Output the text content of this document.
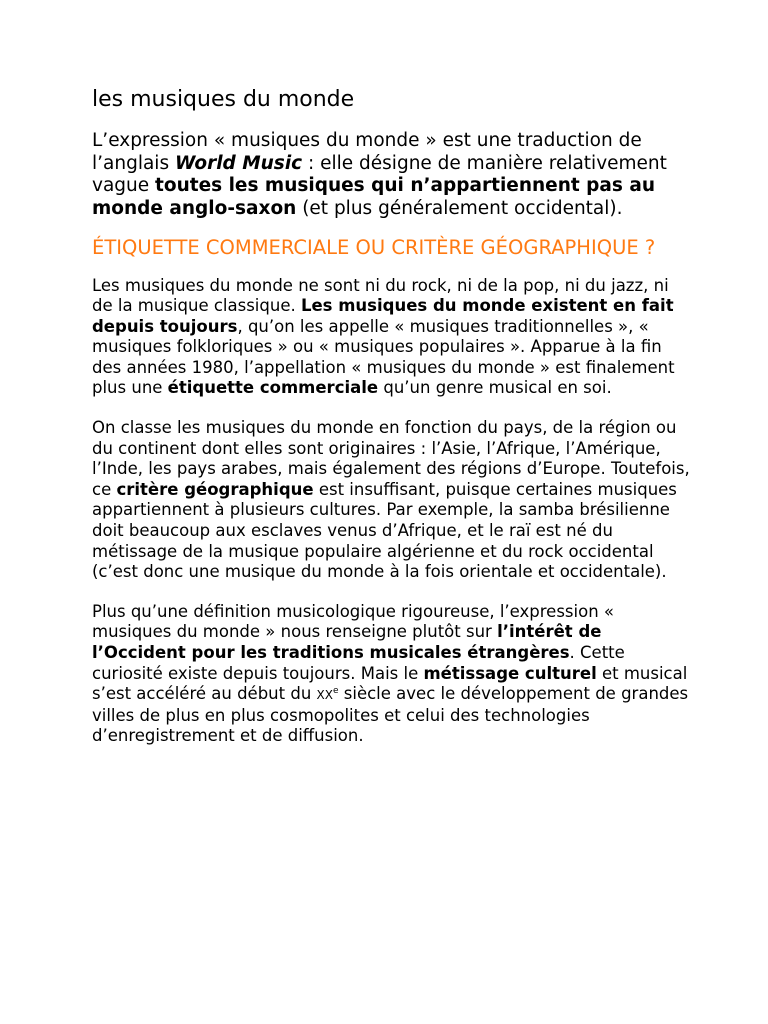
les musiques du monde

L’expression « musiques du monde » est une traduction de l’anglais World Music : elle désigne de manière relativement vague toutes les musiques qui n’appartiennent pas au monde anglo-saxon (et plus généralement occidental).

ÉTIQUETTE COMMERCIALE OU CRITÈRE GÉOGRAPHIQUE ?

Les musiques du monde ne sont ni du rock, ni de la pop, ni du jazz, ni de la musique classique. Les musiques du monde existent en fait depuis toujours, qu’on les appelle « musiques traditionnelles », « musiques folkloriques » ou « musiques populaires ». Apparue à la fin des années 1980, l’appellation « musiques du monde » est finalement plus une étiquette commerciale qu’un genre musical en soi.

On classe les musiques du monde en fonction du pays, de la région ou du continent dont elles sont originaires : l’Asie, l’Afrique, l’Amérique, l’Inde, les pays arabes, mais également des régions d’Europe. Toutefois, ce critère géographique est insuffisant, puisque certaines musiques appartiennent à plusieurs cultures. Par exemple, la samba brésilienne doit beaucoup aux esclaves venus d’Afrique, et le raï est né du métissage de la musique populaire algérienne et du rock occidental (c’est donc une musique du monde à la fois orientale et occidentale).

Plus qu’une définition musicologique rigoureuse, l’expression « musiques du monde » nous renseigne plutôt sur l’intérêt de l’Occident pour les traditions musicales étrangères. Cette curiosité existe depuis toujours. Mais le métissage culturel et musical s’est accéléré au début du XXe siècle avec le développement de grandes villes de plus en plus cosmopolites et celui des technologies d’enregistrement et de diffusion.
